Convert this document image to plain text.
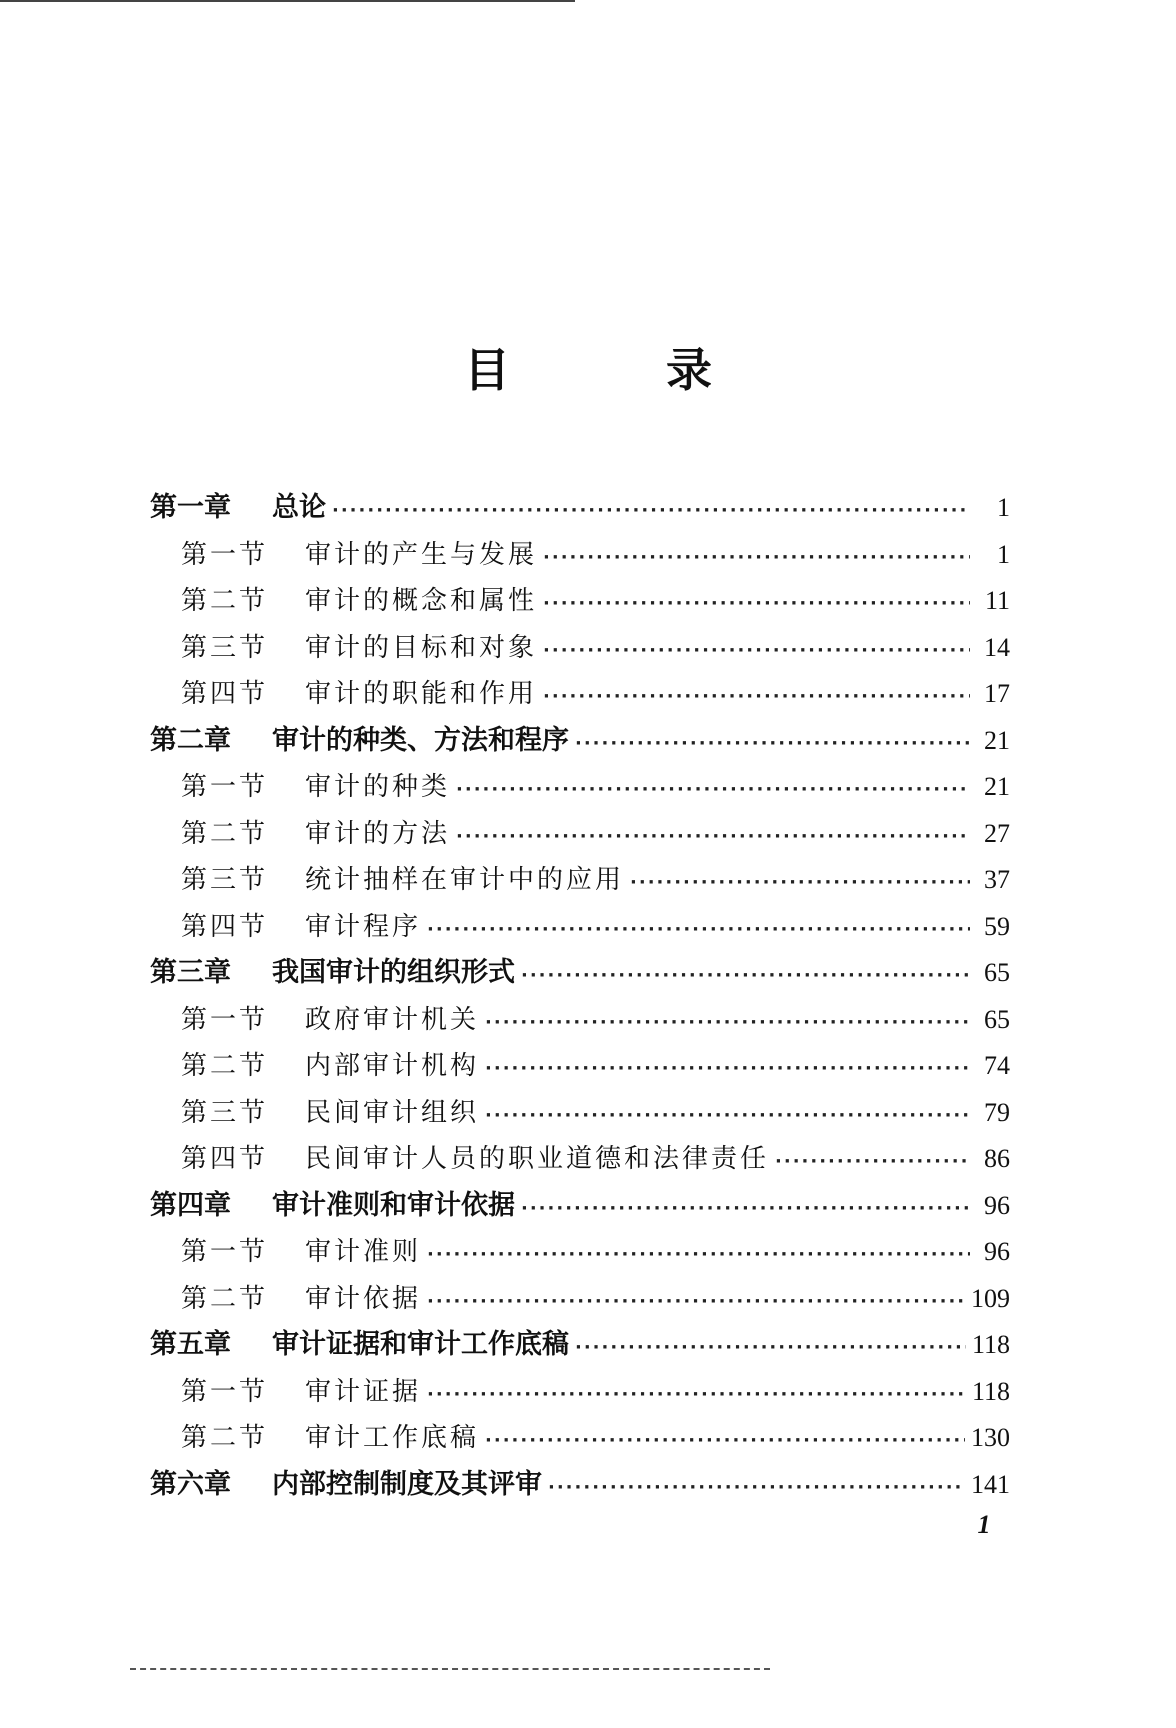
目 录
第一章	总论 ·····	1
第一节	审计的产生与发展 ·····	1
第二节	审计的概念和属性 ·····	11
第三节	审计的目标和对象 ·····	14
第四节	审计的职能和作用 ·····	17
第二章	审计的种类、方法和程序 ·····	21
第一节	审计的种类 ·····	21
第二节	审计的方法 ·····	27
第三节	统计抽样在审计中的应用 ·····	37
第四节	审计程序 ·····	59
第三章	我国审计的组织形式 ·····	65
第一节	政府审计机关 ·····	65
第二节	内部审计机构 ·····	74
第三节	民间审计组织 ·····	79
第四节	民间审计人员的职业道德和法律责任 ·····	86
第四章	审计准则和审计依据 ·····	96
第一节	审计准则 ·····	96
第二节	审计依据 ·····	109
第五章	审计证据和审计工作底稿 ·····	118
第一节	审计证据 ·····	118
第二节	审计工作底稿 ·····	130
第六章	内部控制制度及其评审 ·····	141
1
